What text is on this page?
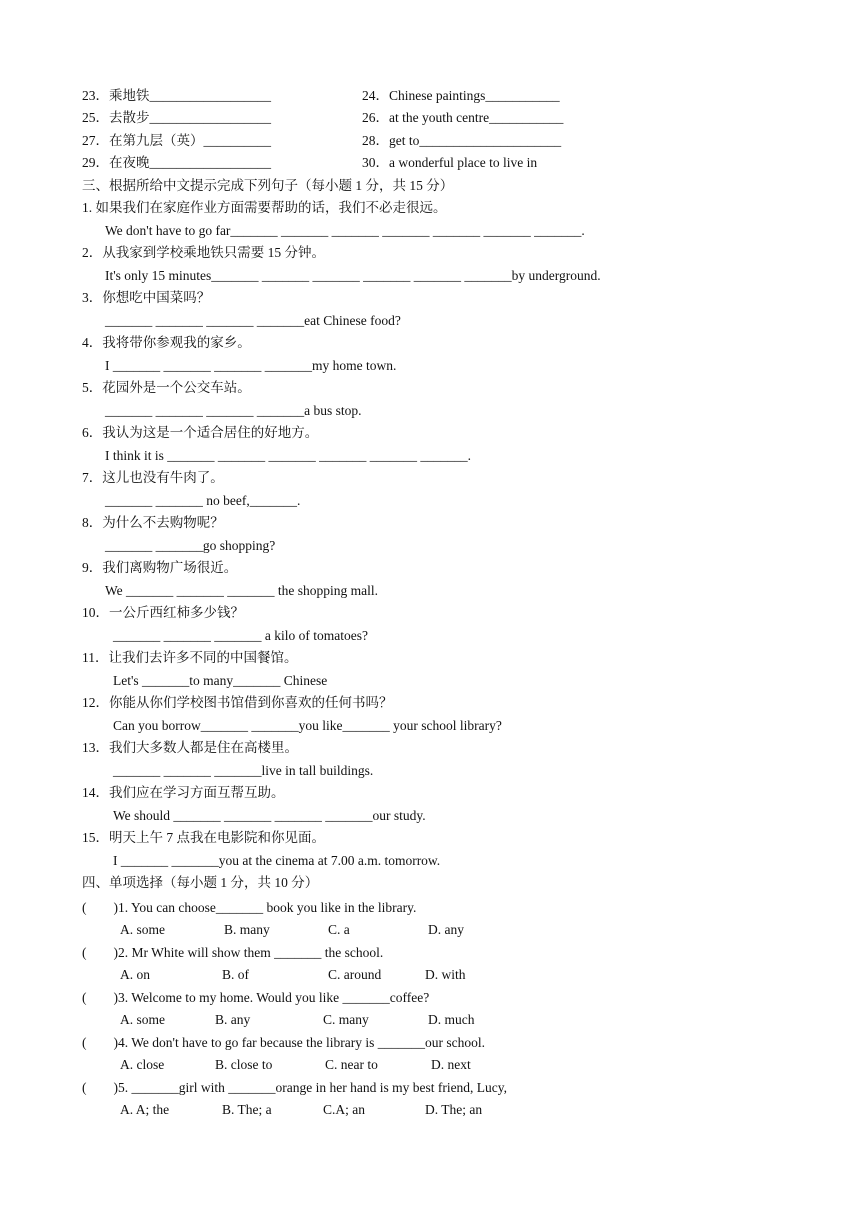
23．乘地铁__________________	24．Chinese paintings___________
25．去散步__________________	26．at the youth centre___________
27．在第九层（英）__________	28．get to_____________________
29．在夜晚__________________	30．a wonderful place to live in
三、根据所给中文提示完成下列句子（每小题 1 分，共 15 分）
1. 如果我们在家庭作业方面需要帮助的话，我们不必走很远。
We don't have to go far_______ _______ _______ _______ _______ _______ _______.
2．从我家到学校乘地铁只需要 15 分钟。
It's only 15 minutes_______ _______ _______ _______ _______ _______by underground.
3．你想吃中国菜吗？
_______ _______ _______ _______eat Chinese food?
4．我将带你参观我的家乡。
I _______ _______ _______ _______my home town.
5．花园外是一个公交车站。
_______ _______ _______ _______a bus stop.
6．我认为这是一个适合居住的好地方。
I think it is _______ _______ _______ _______ _______ _______.
7．这儿也没有牛肉了。
_______ _______ no beef,_______.
8．为什么不去购物呢？
_______ _______go shopping?
9．我们离购物广场很近。
We _______ _______ _______ the shopping mall.
10．一公斤西红柿多少钱？
_______ _______ _______ a kilo of tomatoes?
11．让我们去许多不同的中国餐馆。
Let's _______to many_______ Chinese
12．你能从你们学校图书馆借到你喜欢的任何书吗？
Can you borrow_______ _______you like_______ your school library?
13．我们大多数人都是住在高楼里。
_______ _______ _______live in tall buildings.
14．我们应在学习方面互帮互助。
We should _______ _______ _______ _______our study.
15．明天上午 7 点我在电影院和你见面。
I _______ _______you at the cinema at 7.00 a.m. tomorrow.
四、单项选择（每小题 1 分，共 10 分）
(        )1. You can choose_______ book you like in the library.

A. some

	B. many

	C. a

	D. any

(        )2. Mr White will show them _______ the school.

A. on

	B. of

	C. around

	D. with

(        )3. Welcome to my home. Would you like _______coffee?

A. some

	B. any

	C. many

	D. much

(        )4. We don't have to go far because the library is _______our school.

A. close

	B. close to

	C. near to

	D. next

(        )5. _______girl with _______orange in her hand is my best friend, Lucy,

A. A; the

	B. The; a

	C.A; an

	D. The; an
